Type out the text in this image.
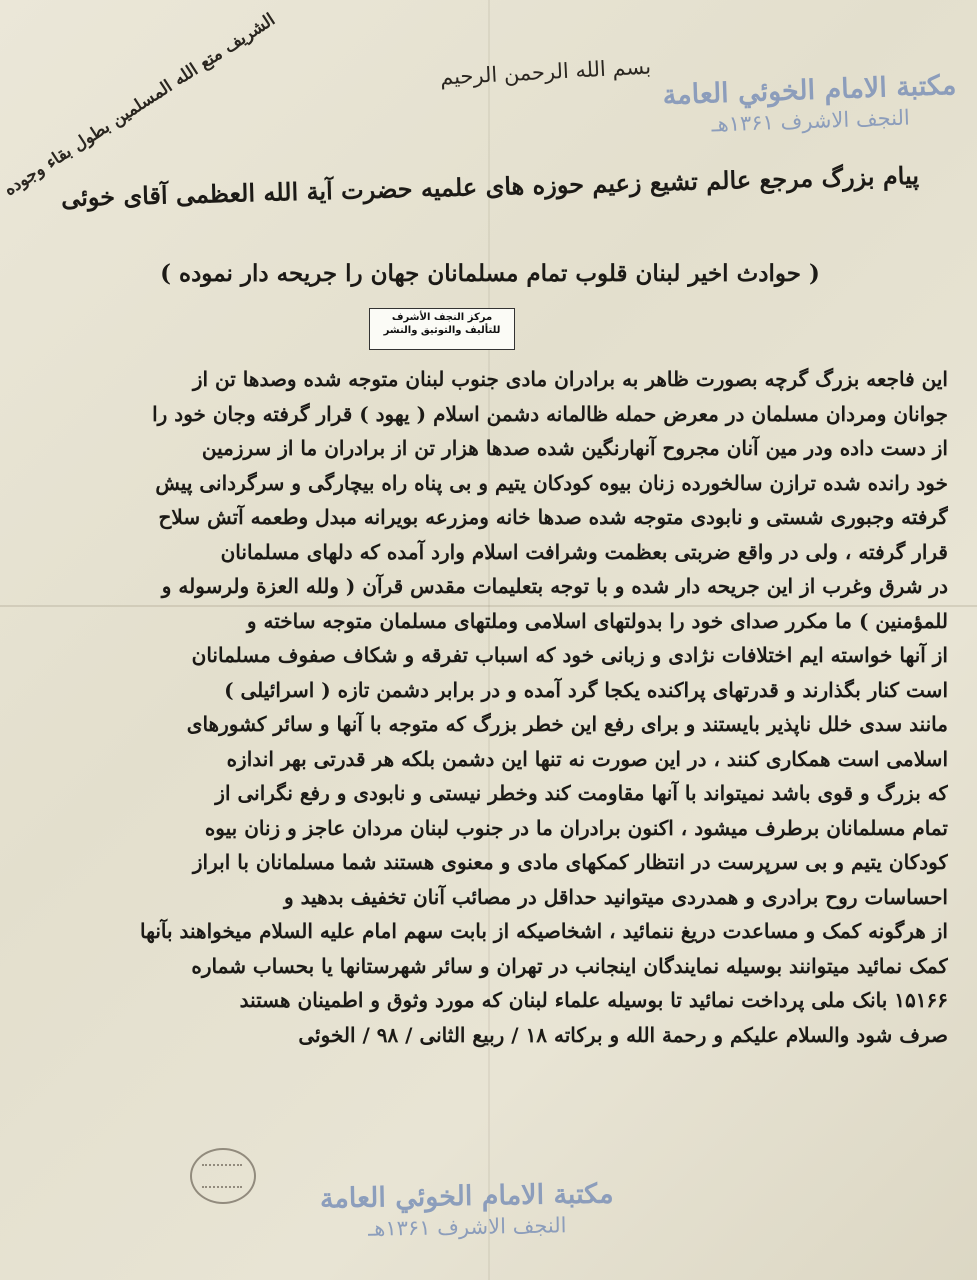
الشريف متع الله المسلمين بطول بقاء وجوده	بسم الله الرحمن الرحيم مكتبة الامام الخوئي العامة
النجف الاشرف ۱۳۶۱هـ
پیام بزرگ مرجع عالم تشیع زعیم حوزه های علمیه حضرت آیة الله العظمی آقای خوئی
( حوادث اخیر لبنان قلوب تمام مسلمانان جهان را جریحه دار نموده )
مركز النجف الأشرف
للتأليف والتوثيق والنشر
این فاجعه بزرگ گرچه بصورت ظاهر به برادران مادی جنوب لبنان متوجه شده وصدها تن از
جوانان ومردان مسلمان در معرض حمله ظالمانه دشمن اسلام ( یهود ) قرار گرفته وجان خود را
از دست داده ودر مین آنان مجروح آنهارنگین شده صدها هزار تن از برادران ما از سرزمین
خود رانده شده ترازن سالخورده زنان بیوه کودکان یتیم و بی پناه راه بیچارگی و سرگردانی پیش
گرفته وجبوری شستی و نابودی متوجه شده صدها خانه ومزرعه بویرانه مبدل وطعمه آتش سلاح
قرار گرفته ، ولی در واقع ضربتی بعظمت وشرافت اسلام وارد آمده که دلهای مسلمانان
در شرق وغرب از این جریحه دار شده و با توجه بتعلیمات مقدس قرآن ( ولله العزة ولرسوله و
للمؤمنین ) ما مکرر صدای خود را بدولتهای اسلامی وملتهای مسلمان متوجه ساخته و
از آنها خواسته ایم اختلافات نژادی و زبانی خود که اسباب تفرقه و شکاف صفوف مسلمانان
است کنار بگذارند و قدرتهای پراکنده یکجا گرد آمده و در برابر دشمن تازه ( اسرائیلی )
مانند سدی خلل ناپذیر بایستند و برای رفع این خطر بزرگ که متوجه با آنها و سائر کشورهای
اسلامی است همکاری کنند ، در این صورت نه تنها این دشمن بلکه هر قدرتی بهر اندازه
که بزرگ و قوی باشد نمیتواند با آنها مقاومت کند وخطر نیستی و نابودی و رفع نگرانی از
تمام مسلمانان برطرف میشود ، اکنون برادران ما در جنوب لبنان مردان عاجز و زنان بیوه
کودکان یتیم و بی سرپرست در انتظار کمکهای مادی و معنوی هستند شما مسلمانان با ابراز
احساسات روح برادری و همدردی میتوانید حداقل در مصائب آنان تخفیف بدهید و
از هرگونه کمک و مساعدت دریغ ننمائید ، اشخاصیکه از بابت سهم امام علیه السلام میخواهند بآنها
کمک نمائید میتوانند بوسیله نمایندگان اینجانب در تهران و سائر شهرستانها یا بحساب شماره
۱۵۱۶۶ بانک ملی پرداخت نمائید تا بوسیله علماء لبنان که مورد وثوق و اطمینان هستند
صرف شود والسلام علیکم و رحمة الله و برکاته ۱۸ / ربیع الثانی / ۹۸ / الخوئی
مكتبة الامام الخوئي العامة
النجف الاشرف ۱۳۶۱هـ
